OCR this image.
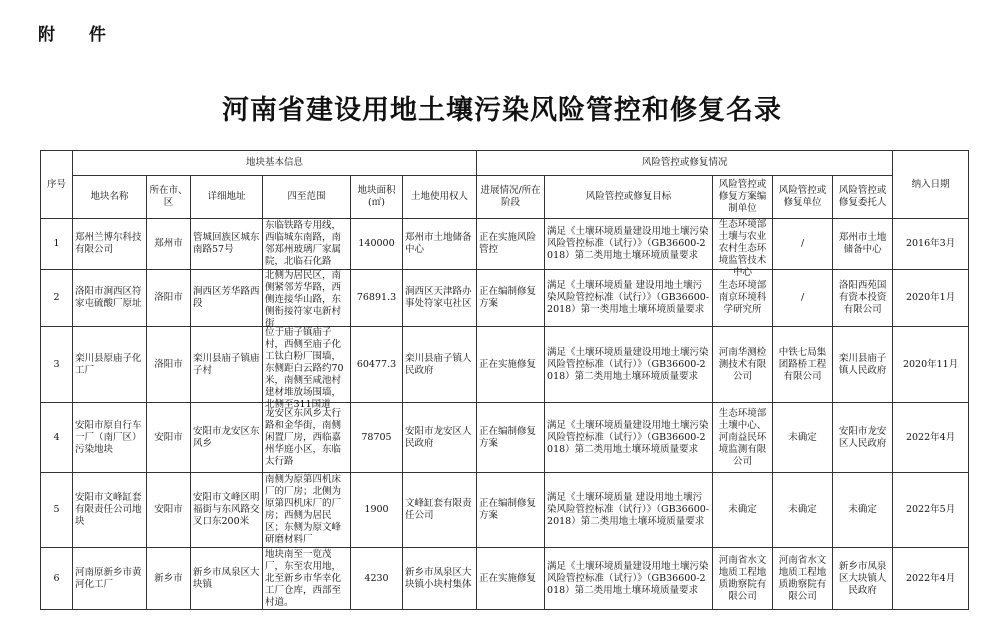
附 件
河南省建设用地土壤污染风险管控和修复名录
序号	地块基本信息						风险管控或修复情况					纳入日期
	地块名称	所在市、区	详细地址	四至范围	地块面积(㎡)	土地使用权人	进展情况/所在阶段	风险管控或修复目标	风险管控或修复方案编制单位	风险管控或修复单位	风险管控或修复委托人	

1	郑州兰博尔科技有限公司	郑州市	管城回族区城东南路57号	东临铁路专用线，西临城东南路，南邻郑州玻璃厂家属院，北临石化路	140000	郑州市土地储备中心	正在实施风险管控	满足《土壤环境质量建设用地土壤污染风险管控标准（试行）》（GB36600-2018）第二类用地土壤环境质量要求	生态环境部土壤与农业农村生态环境监管技术中心	/	郑州市土地储备中心	2016年3月

2	洛阳市涧西区符家屯硫酸厂原址	洛阳市	涧西区芳华路西段	北侧为居民区，南侧紧邻芳华路，西侧连接华山路，东侧衔接符家屯新村街	76891.3	涧西区天津路办事处符家屯社区	正在编制修复方案	满足《土壤环境质量 建设用地土壤污染风险管控标准（试行）》（GB36600-2018）第一类用地土壤环境质量要求	生态环境部南京环境科学研究所	/	洛阳西苑国有资本投资有限公司	2020年1月

3	栾川县原庙子化工厂	洛阳市	栾川县庙子镇庙子村	位于庙子镇庙子村，西侧至庙子化工钛白粉厂围墙，东侧距白云路约70米，南侧至咸池村建材堆放场围墙，北侧至311国道	60477.3	栾川县庙子镇人民政府	正在实施修复	满足《土壤环境质量建设用地土壤污染风险管控标准（试行）》（GB36600-2018）第二类用地土壤环境质量要求	河南华测检测技术有限公司	中铁七局集团路桥工程有限公司	栾川县庙子镇人民政府	2020年11月

4	安阳市原自行车一厂（南厂区）污染地块	安阳市	安阳市龙安区东风乡	龙安区东风乡太行路和金华街，南侧闲置厂房，西临嘉州华庭小区，东临太行路	78705	安阳市龙安区人民政府	正在编制修复方案	满足《土壤环境质量建设用地土壤污染风险管控标准（试行）》（GB36600-2018）第二类用地土壤环境质量要求	生态环境部土壤中心、河南益民环境监测有限公司	未确定	安阳市龙安区人民政府	2022年4月

5	安阳市文峰缸套有限责任公司地块	安阳市	安阳市文峰区明福街与东风路交叉口东200米	南侧为原第四机床厂的厂房；北侧为原第四机床厂的厂房；西侧为居民区；东侧为原文峰研磨材料厂	1900	文峰缸套有限责任公司	正在编制修复方案	满足《土壤环境质量 建设用地土壤污染风险管控标准（试行）》（GB36600-2018）第二类用地土壤环境质量要求	未确定	未确定	未确定	2022年5月

6	河南原新乡市黄河化工厂	新乡市	新乡市凤泉区大块镇	地块南至一览茂厂，东至农用地，北至新乡市华幸化工厂仓库，西部至村道。	4230	新乡市凤泉区大块镇小块村集体	正在实施修复	满足《土壤环境质量建设用地土壤污染风险管控标准（试行）》（GB36600-2018）第二类用地土壤环境质量要求	河南省水文地质工程地质勘察院有限公司	河南省水文地质工程地质勘察院有限公司	新乡市凤泉区大块镇人民政府	2022年4月
